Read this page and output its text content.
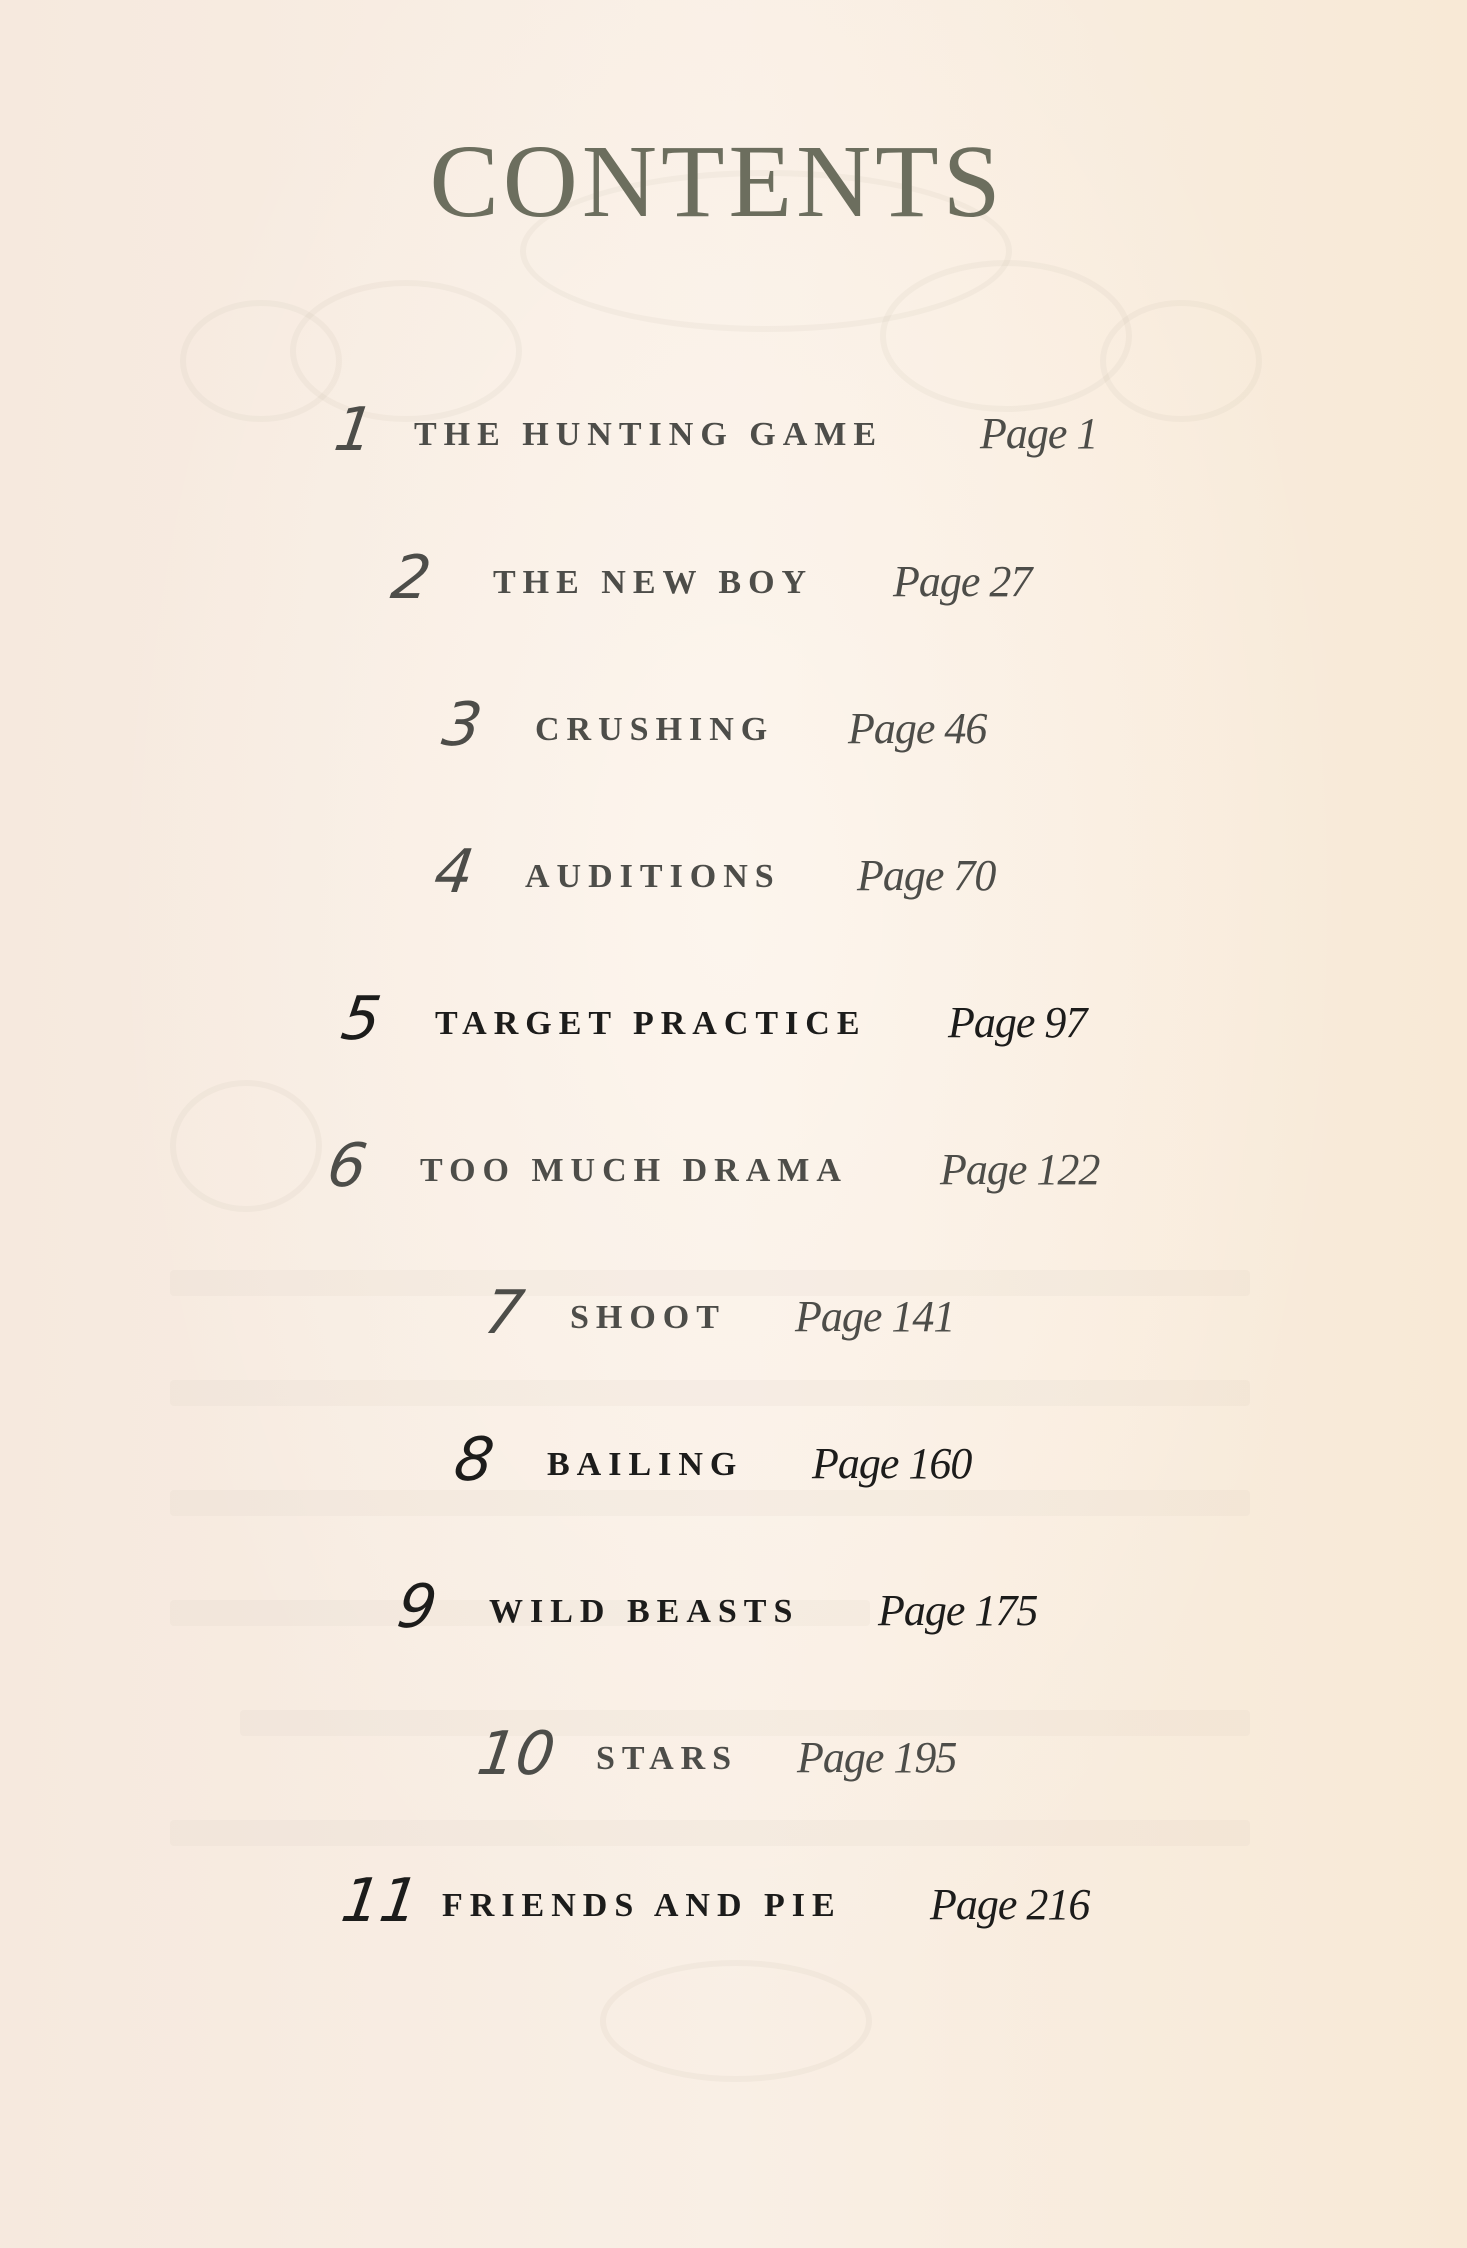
CONTENTS
1 THE HUNTING GAME Page 1
2 THE NEW BOY Page 27
3 CRUSHING Page 46
4 AUDITIONS Page 70
5 TARGET PRACTICE Page 97
6 TOO MUCH DRAMA Page 122
7 SHOOT Page 141
8 BAILING Page 160
9 WILD BEASTS Page 175
10 STARS Page 195
11 FRIENDS AND PIE Page 216
